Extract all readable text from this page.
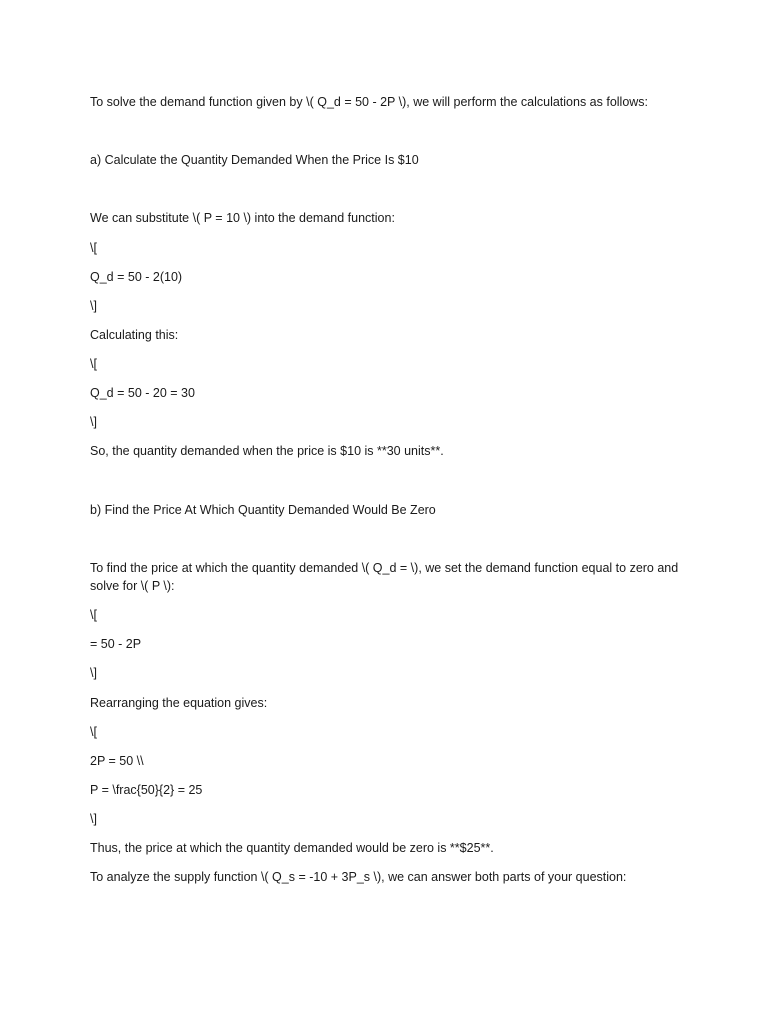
To solve the demand function given by \( Q_d = 50 - 2P \), we will perform the calculations as follows:

a) Calculate the Quantity Demanded When the Price Is $10

We can substitute \( P = 10 \) into the demand function:

\[

Q_d = 50 - 2(10)

\]

Calculating this:

\[

Q_d = 50 - 20 = 30

\]

So, the quantity demanded when the price is $10 is **30 units**.

b) Find the Price At Which Quantity Demanded Would Be Zero

To find the price at which the quantity demanded \( Q_d = \), we set the demand function equal to zero and solve for \( P \):

\[

= 50 - 2P

\]

Rearranging the equation gives:

\[

2P = 50 \\

P = \frac{50}{2} = 25

\]

Thus, the price at which the quantity demanded would be zero is **$25**.

To analyze the supply function \( Q_s = -10 + 3P_s \), we can answer both parts of your question:
